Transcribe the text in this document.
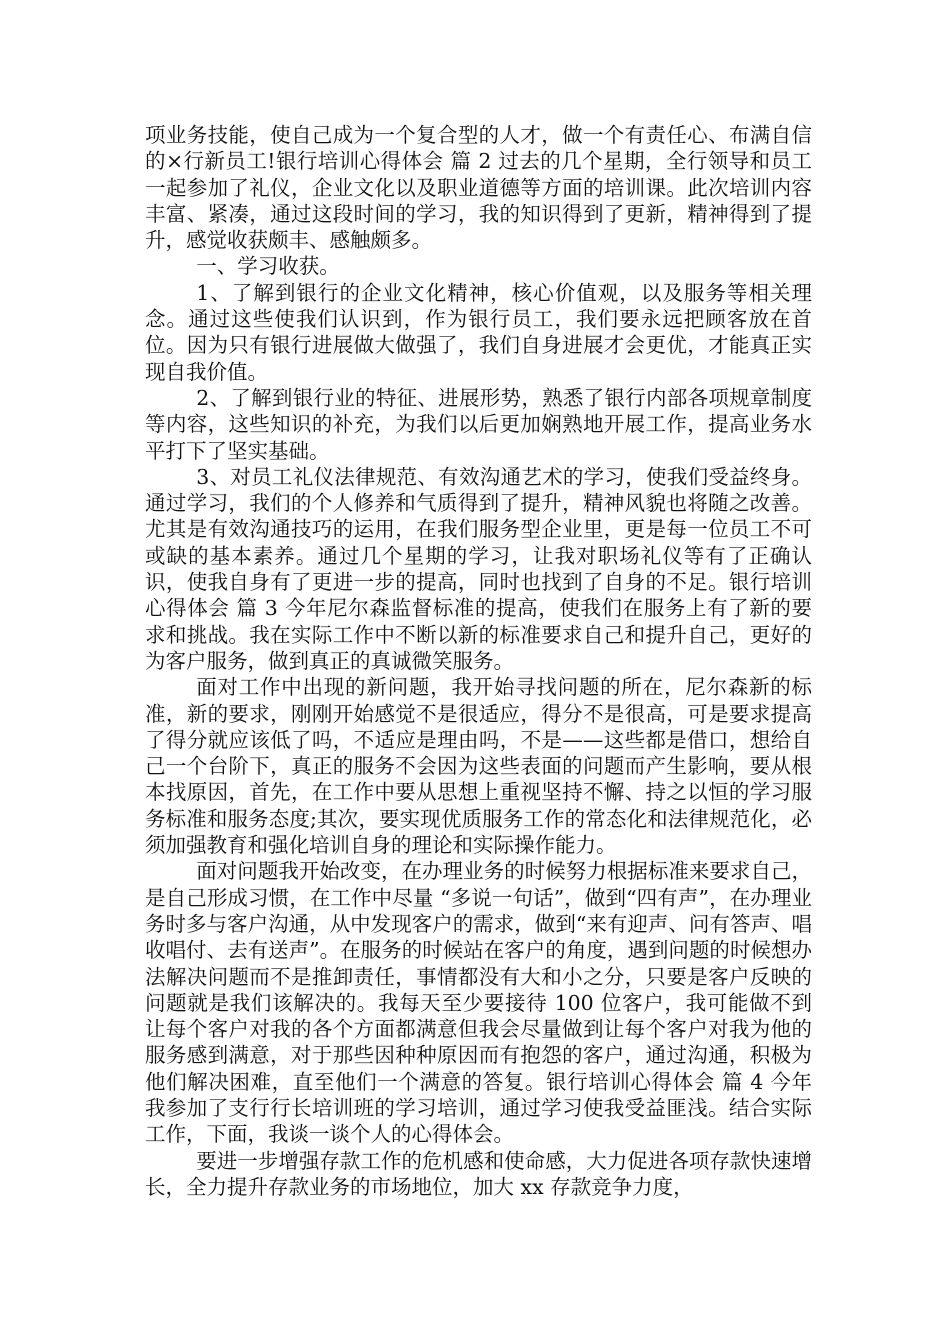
项业务技能，使自己成为一个复合型的人才，做一个有责任心、布满自信的×行新员工!银行培训心得体会 篇 2 过去的几个星期，全行领导和员工一起参加了礼仪，企业文化以及职业道德等方面的培训课。此次培训内容丰富、紧凑，通过这段时间的学习，我的知识得到了更新，精神得到了提升，感觉收获颇丰、感触颇多。

一、学习收获。

1、了解到银行的企业文化精神，核心价值观，以及服务等相关理念。通过这些使我们认识到，作为银行员工，我们要永远把顾客放在首位。因为只有银行进展做大做强了，我们自身进展才会更优，才能真正实现自我价值。

2、了解到银行业的特征、进展形势，熟悉了银行内部各项规章制度等内容，这些知识的补充，为我们以后更加娴熟地开展工作，提高业务水平打下了坚实基础。

3、对员工礼仪法律规范、有效沟通艺术的学习，使我们受益终身。通过学习，我们的个人修养和气质得到了提升，精神风貌也将随之改善。尤其是有效沟通技巧的运用，在我们服务型企业里，更是每一位员工不可或缺的基本素养。通过几个星期的学习，让我对职场礼仪等有了正确认识，使我自身有了更进一步的提高，同时也找到了自身的不足。银行培训心得体会 篇 3 今年尼尔森监督标准的提高，使我们在服务上有了新的要求和挑战。我在实际工作中不断以新的标准要求自己和提升自己，更好的为客户服务，做到真正的真诚微笑服务。

面对工作中出现的新问题，我开始寻找问题的所在，尼尔森新的标准，新的要求，刚刚开始感觉不是很适应，得分不是很高，可是要求提高了得分就应该低了吗，不适应是理由吗，不是——这些都是借口，想给自己一个台阶下，真正的服务不会因为这些表面的问题而产生影响，要从根本找原因，首先，在工作中要从思想上重视坚持不懈、持之以恒的学习服务标准和服务态度;其次，要实现优质服务工作的常态化和法律规范化，必须加强教育和强化培训自身的理论和实际操作能力。

面对问题我开始改变，在办理业务的时候努力根据标准来要求自己，是自己形成习惯，在工作中尽量 “多说一句话”，做到“四有声”，在办理业务时多与客户沟通，从中发现客户的需求，做到“来有迎声、问有答声、唱收唱付、去有送声”。在服务的时候站在客户的角度，遇到问题的时候想办法解决问题而不是推卸责任，事情都没有大和小之分，只要是客户反映的问题就是我们该解决的。我每天至少要接待 100 位客户，我可能做不到让每个客户对我的各个方面都满意但我会尽量做到让每个客户对我为他的服务感到满意，对于那些因种种原因而有抱怨的客户，通过沟通，积极为他们解决困难，直至他们一个满意的答复。银行培训心得体会 篇 4 今年我参加了支行行长培训班的学习培训，通过学习使我受益匪浅。结合实际工作，下面，我谈一谈个人的心得体会。

要进一步增强存款工作的危机感和使命感，大力促进各项存款快速增长，全力提升存款业务的市场地位，加大 xx 存款竞争力度，
